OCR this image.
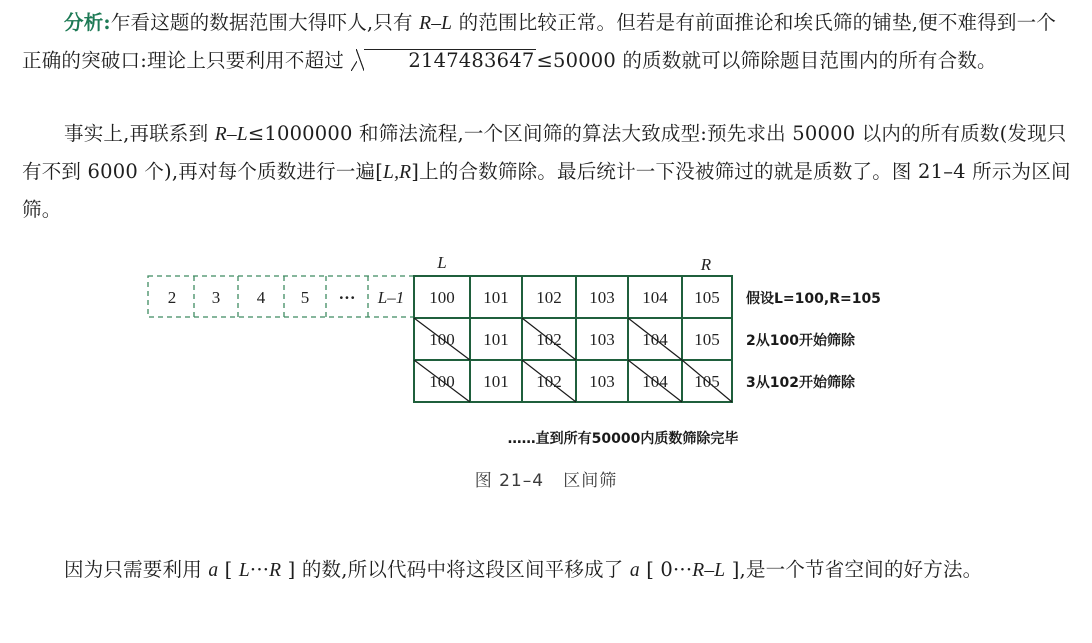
分析:乍看这题的数据范围大得吓人,只有 R–L 的范围比较正常。但若是有前面推论和埃氏筛的铺垫,便不难得到一个正确的突破口:理论上只要利用不超过	2147483647 ≤50000 的质数就可以筛除题目范围内的所有合数。

事实上,再联系到 R–L≤1000000 和筛法流程,一个区间筛的算法大致成型:预先求出 50000 以内的所有质数(发现只有不到 6000 个),再对每个质数进行一遍[L,R]上的合数筛除。最后统计一下没被筛过的就是质数了。图 21–4 所示为区间筛。

L	R
2 3 4 5 ··· L–1 100 101 102 103 104 105
100 101 102 103 104 105
100 101 102 103 104 105
假设L=100,R=105
2从100开始筛除
3从102开始筛除
……直到所有50000内质数筛除完毕
图 21–4   区间筛

因为只需要利用 a [ L···R ] 的数,所以代码中将这段区间平移成了 a [ 0···R–L ],是一个节省空间的好方法。
